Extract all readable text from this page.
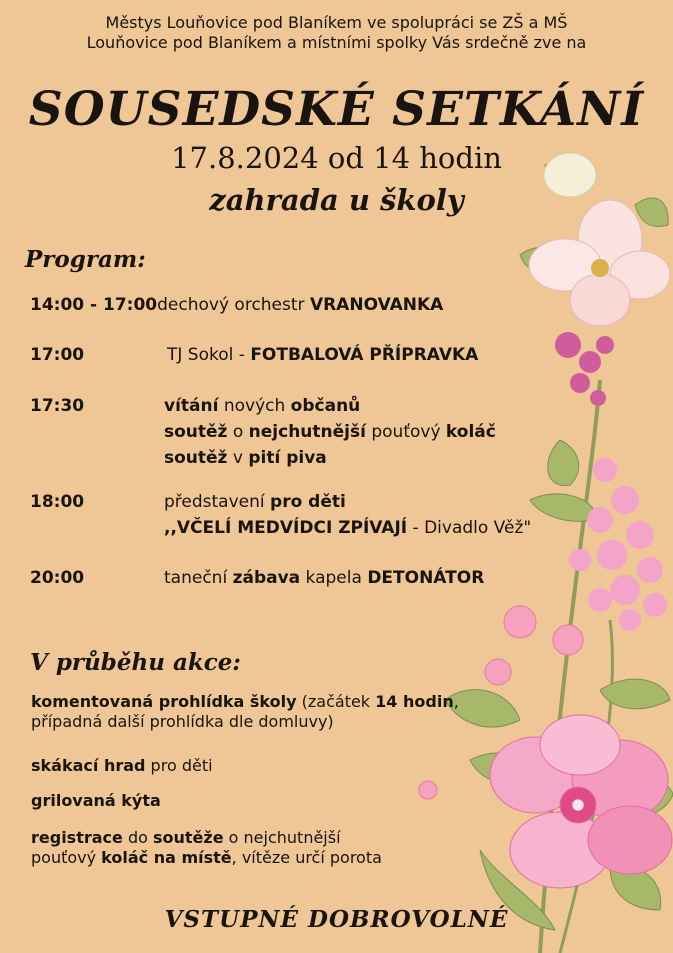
Městys Louňovice pod Blaníkem ve spolupráci se ZŠ a MŠ
Louňovice pod Blaníkem a místními spolky Vás srdečně zve na
SOUSEDSKÉ SETKÁNÍ
17.8.2024 od 14 hodin
zahrada u školy
Program:
14:00 - 17:00 dechový orchestr VRANOVANKA
17:00	TJ Sokol - FOTBALOVÁ PŘÍPRAVKA
17:30	vítání nových občanů
soutěž o nejchutnější pouťový koláč
soutěž v pití piva
18:00	představení pro děti
,,VČELÍ MEDVÍDCI ZPÍVAJÍ - Divadlo Věž"
20:00	taneční zábava kapela DETONÁTOR
V průběhu akce:
komentovaná prohlídka školy (začátek 14 hodin,
případná další prohlídka dle domluvy)
skákací hrad pro děti
grilovaná kýta
registrace do soutěže o nejchutnější
pouťový koláč na místě, vítěze určí porota
VSTUPNÉ DOBROVOLNÉ
